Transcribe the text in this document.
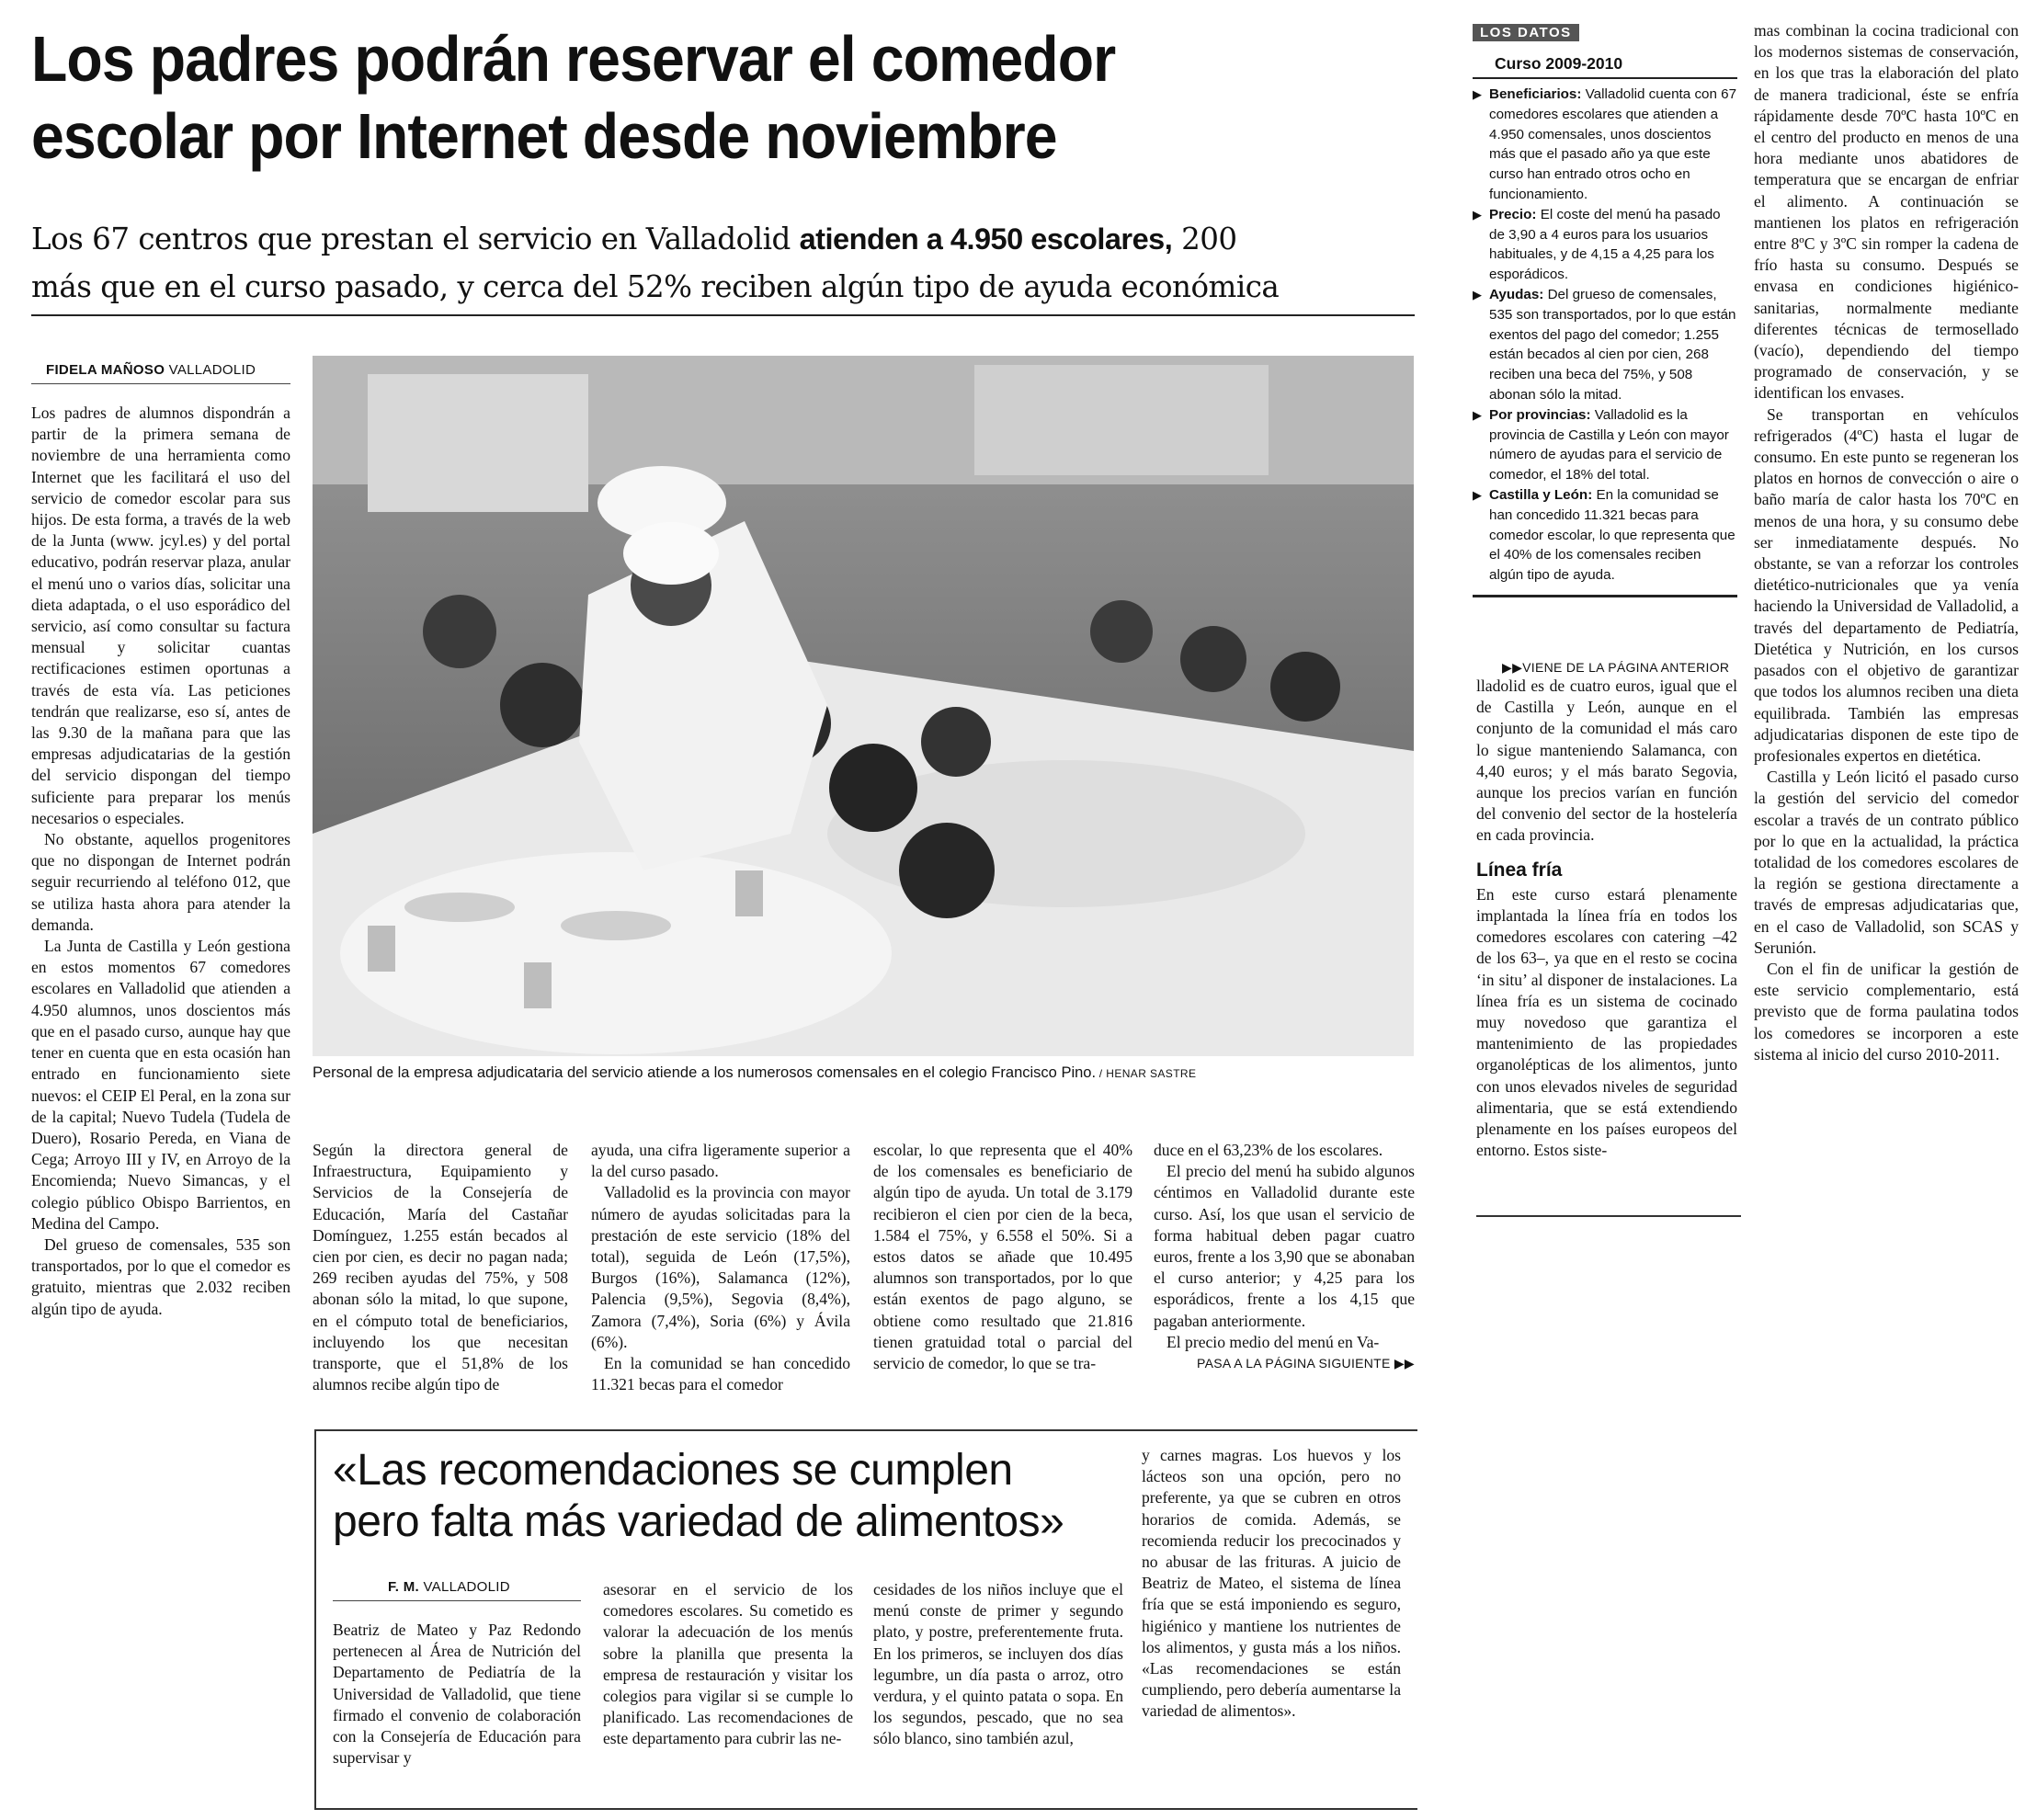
Los padres podrán reservar el comedor
escolar por Internet desde noviembre
Los 67 centros que prestan el servicio en Valladolid atienden a 4.950 escolares, 200
más que en el curso pasado, y cerca del 52% reciben algún tipo de ayuda económica
FIDELA MAÑOSO VALLADOLID

Los padres de alumnos dispondrán a partir de la primera semana de noviembre de una herramienta como Internet que les facilitará el uso del servicio de comedor escolar para sus hijos. De esta forma, a través de la web de la Junta (www. jcyl.es) y del portal educativo, podrán reservar plaza, anular el menú uno o varios días, solicitar una dieta adaptada, o el uso esporádico del servicio, así como consultar su factura mensual y solicitar cuantas rectificaciones estimen oportunas a través de esta vía. Las peticiones tendrán que realizarse, eso sí, antes de las 9.30 de la mañana para que las empresas adjudicatarias de la gestión del servicio dispongan del tiempo suficiente para preparar los menús necesarios o especiales.

No obstante, aquellos progenitores que no dispongan de Internet podrán seguir recurriendo al teléfono 012, que se utiliza hasta ahora para atender la demanda.

La Junta de Castilla y León gestiona en estos momentos 67 comedores escolares en Valladolid que atienden a 4.950 alumnos, unos doscientos más que en el pasado curso, aunque hay que tener en cuenta que en esta ocasión han entrado en funcionamiento siete nuevos: el CEIP El Peral, en la zona sur de la capital; Nuevo Tudela (Tudela de Duero), Rosario Pereda, en Viana de Cega; Arroyo III y IV, en Arroyo de la Encomienda; Nuevo Simancas, y el colegio público Obispo Barrientos, en Medina del Campo.

Del grueso de comensales, 535 son transportados, por lo que el comedor es gratuito, mientras que 2.032 reciben algún tipo de ayuda.

Personal de la empresa adjudicataria del servicio atiende a los numerosos comensales en el colegio Francisco Pino. / HENAR SASTRE

Según la directora general de Infraestructura, Equipamiento y Servicios de la Consejería de Educación, María del Castañar Domínguez, 1.255 están becados al cien por cien, es decir no pagan nada; 269 reciben ayudas del 75%, y 508 abonan sólo la mitad, lo que supone, en el cómputo total de beneficiarios, incluyendo los que necesitan transporte, que el 51,8% de los alumnos recibe algún tipo de

ayuda, una cifra ligeramente superior a la del curso pasado.

Valladolid es la provincia con mayor número de ayudas solicitadas para la prestación de este servicio (18% del total), seguida de León (17,5%), Burgos (16%), Salamanca (12%), Palencia (9,5%), Segovia (8,4%), Zamora (7,4%), Soria (6%) y Ávila (6%).

En la comunidad se han concedido 11.321 becas para el comedor

escolar, lo que representa que el 40% de los comensales es beneficiario de algún tipo de ayuda. Un total de 3.179 recibieron el cien por cien de la beca, 1.584 el 75%, y 6.558 el 50%. Si a estos datos se añade que 10.495 alumnos son transportados, por lo que están exentos de pago alguno, se obtiene como resultado que 21.816 tienen gratuidad total o parcial del servicio de comedor, lo que se tra-

duce en el 63,23% de los escolares.

El precio del menú ha subido algunos céntimos en Valladolid durante este curso. Así, los que usan el servicio de forma habitual deben pagar cuatro euros, frente a los 3,90 que se abonaban el curso anterior; y 4,25 para los esporádicos, frente a los 4,15 que pagaban anteriormente.

El precio medio del menú en Va-

PASA A LA PÁGINA SIGUIENTE ▶▶
LOS DATOS
Curso 2009-2010
▶ Beneficiarios: Valladolid cuenta con 67 comedores escolares que atienden a 4.950 comensales, unos doscientos más que el pasado año ya que este curso han entrado otros ocho en funcionamiento.
▶ Precio: El coste del menú ha pasado de 3,90 a 4 euros para los usuarios habituales, y de 4,15 a 4,25 para los esporádicos.
▶ Ayudas: Del grueso de comensales, 535 son transportados, por lo que están exentos del pago del comedor; 1.255 están becados al cien por cien, 268 reciben una beca del 75%, y 508 abonan sólo la mitad.
▶ Por provincias: Valladolid es la provincia de Castilla y León con mayor número de ayudas para el servicio de comedor, el 18% del total.
▶ Castilla y León: En la comunidad se han concedido 11.321 becas para comedor escolar, lo que representa que el 40% de los comensales reciben algún tipo de ayuda.
▶▶VIENE DE LA PÁGINA ANTERIOR

lladolid es de cuatro euros, igual que el de Castilla y León, aunque en el conjunto de la comunidad el más caro lo sigue manteniendo Salamanca, con 4,40 euros; y el más barato Segovia, aunque los precios varían en función del convenio del sector de la hostelería en cada provincia.

Línea fría

En este curso estará plenamente implantada la línea fría en todos los comedores escolares con catering –42 de los 63–, ya que en el resto se cocina ‘in situ’ al disponer de instalaciones. La línea fría es un sistema de cocinado muy novedoso que garantiza el mantenimiento de las propiedades organolépticas de los alimentos, junto con unos elevados niveles de seguridad alimentaria, que se está extendiendo plenamente en los países europeos del entorno. Estos siste-

mas combinan la cocina tradicional con los modernos sistemas de conservación, en los que tras la elaboración del plato de manera tradicional, éste se enfría rápidamente desde 70ºC hasta 10ºC en el centro del producto en menos de una hora mediante unos abatidores de temperatura que se encargan de enfriar el alimento. A continuación se mantienen los platos en refrigeración entre 8ºC y 3ºC sin romper la cadena de frío hasta su consumo. Después se envasa en condiciones higiénico-sanitarias, normalmente mediante diferentes técnicas de termosellado (vacío), dependiendo del tiempo programado de conservación, y se identifican los envases.

Se transportan en vehículos refrigerados (4ºC) hasta el lugar de consumo. En este punto se regeneran los platos en hornos de convección o aire o baño maría de calor hasta los 70ºC en menos de una hora, y su consumo debe ser inmediatamente después. No obstante, se van a reforzar los controles dietético-nutricionales que ya venía haciendo la Universidad de Valladolid, a través del departamento de Pediatría, Dietética y Nutrición, en los cursos pasados con el objetivo de garantizar que todos los alumnos reciben una dieta equilibrada. También las empresas adjudicatarias disponen de este tipo de profesionales expertos en dietética.

Castilla y León licitó el pasado curso la gestión del servicio del comedor escolar a través de un contrato público por lo que en la actualidad, la práctica totalidad de los comedores escolares de la región se gestiona directamente a través de empresas adjudicatarias que, en el caso de Valladolid, son SCAS y Serunión.

Con el fin de unificar la gestión de este servicio complementario, está previsto que de forma paulatina todos los comedores se incorporen a este sistema al inicio del curso 2010-2011.

«Las recomendaciones se cumplen
pero falta más variedad de alimentos»
F. M. VALLADOLID

Beatriz de Mateo y Paz Redondo pertenecen al Área de Nutrición del Departamento de Pediatría de la Universidad de Valladolid, que tiene firmado el convenio de colaboración con la Consejería de Educación para supervisar y

asesorar en el servicio de los comedores escolares. Su cometido es valorar la adecuación de los menús sobre la planilla que presenta la empresa de restauración y visitar los colegios para vigilar si se cumple lo planificado. Las recomendaciones de este departamento para cubrir las ne-

cesidades de los niños incluye que el menú conste de primer y segundo plato, y postre, preferentemente fruta. En los primeros, se incluyen dos días legumbre, un día pasta o arroz, otro verdura, y el quinto patata o sopa. En los segundos, pescado, que no sea sólo blanco, sino también azul,

y carnes magras. Los huevos y los lácteos son una opción, pero no preferente, ya que se cubren en otros horarios de comida. Además, se recomienda reducir los precocinados y no abusar de las frituras. A juicio de Beatriz de Mateo, el sistema de línea fría que se está imponiendo es seguro, higiénico y mantiene los nutrientes de los alimentos, y gusta más a los niños. «Las recomendaciones se están cumpliendo, pero debería aumentarse la variedad de alimentos».
